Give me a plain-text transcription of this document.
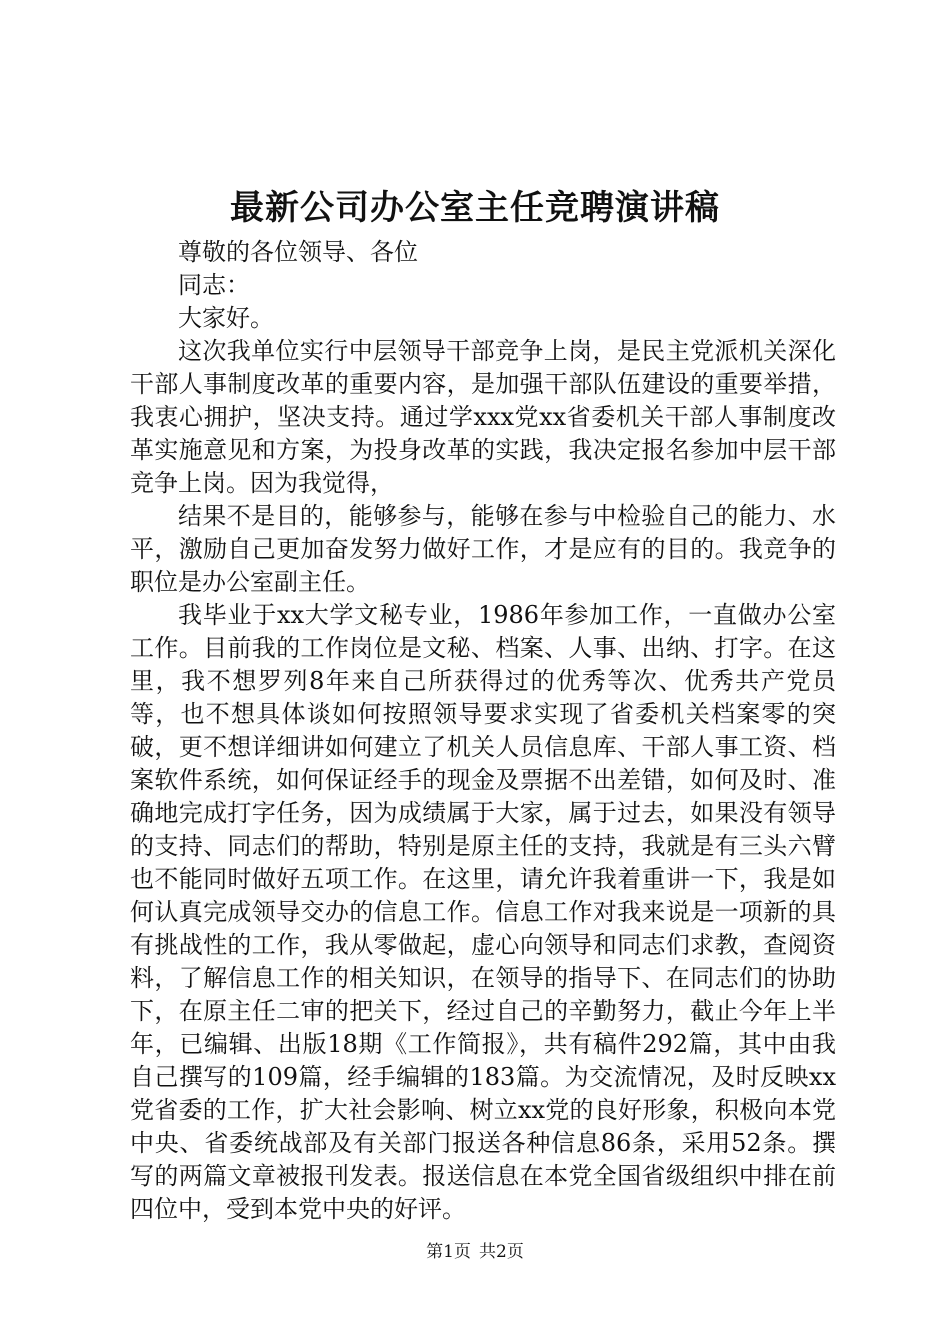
最新公司办公室主任竞聘演讲稿

尊敬的各位领导、各位

同志：

大家好。

这次我单位实行中层领导干部竞争上岗，是民主党派机关深化干部人事制度改革的重要内容，是加强干部队伍建设的重要举措，我衷心拥护，坚决支持。通过学xxx党xx省委机关干部人事制度改革实施意见和方案，为投身改革的实践，我决定报名参加中层干部竞争上岗。因为我觉得，

结果不是目的，能够参与，能够在参与中检验自己的能力、水平，激励自己更加奋发努力做好工作，才是应有的目的。我竞争的职位是办公室副主任。

我毕业于xx大学文秘专业，1986年参加工作，一直做办公室工作。目前我的工作岗位是文秘、档案、人事、出纳、打字。在这里，我不想罗列8年来自己所获得过的优秀等次、优秀共产党员等，也不想具体谈如何按照领导要求实现了省委机关档案零的突破，更不想详细讲如何建立了机关人员信息库、干部人事工资、档案软件系统，如何保证经手的现金及票据不出差错，如何及时、准确地完成打字任务，因为成绩属于大家，属于过去，如果没有领导的支持、同志们的帮助，特别是原主任的支持，我就是有三头六臂也不能同时做好五项工作。在这里，请允许我着重讲一下，我是如何认真完成领导交办的信息工作。信息工作对我来说是一项新的具有挑战性的工作，我从零做起，虚心向领导和同志们求教，查阅资料，了解信息工作的相关知识，在领导的指导下、在同志们的协助下，在原主任二审的把关下，经过自己的辛勤努力，截止今年上半年，已编辑、出版18期《工作简报》，共有稿件292篇，其中由我自己撰写的109篇，经手编辑的183篇。为交流情况，及时反映xx党省委的工作，扩大社会影响、树立xx党的良好形象，积极向本党中央、省委统战部及有关部门报送各种信息86条，采用52条。撰写的两篇文章被报刊发表。报送信息在本党全国省级组织中排在前四位中，受到本党中央的好评。

第1页 共2页
